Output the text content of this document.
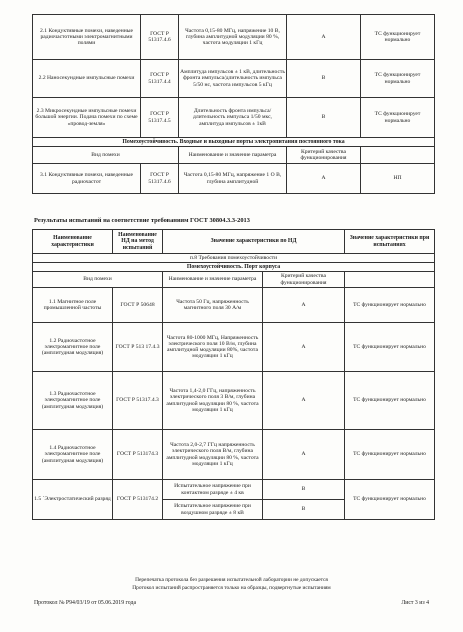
2.1 Кондуктивные помехи, наведенные радиочастотными электромагнитными полями	ГОСТ Р 51317.4.6	Частота 0,15-80 МГц, напряжение 10 В, глубина амплитудной модуляции 80 %, частота модуляции 1 кГц	А	ТС функционирует нормально
2.2 Наносекундные импульсные помехи	ГОСТ Р 51317.4.4	Амплитуда импульсов ± 1 кВ, длительность фронта импульса/длительность импульса 5/50 нс, частота импульсов 5 кГц	В	ТС функционирует нормально
2.3 Микросекундные импульсные помехи большой энергии. Подача помехи по схеме «провод-земля»	ГОСТ Р 51317.4.5	Длительность фронта импульса/длительность импульса 1/50 мкс, амплитуда импульсов ± 1кВ	В	ТС функционирует нормально
Помехоустойчивость. Входные и выходные порты электропитания постоянного тока				
Вид помехи		Наименование и значение параметра	Критерий качества функционирования	
3.1 Кондуктивные помехи, наведенные радиочастот	ГОСТ Р 51317.4.6	Частота 0,15-80 МГц, напряжение 1 О В, глубина амплитудной	А	НП
Результаты испытаний на соответствие требованиям ГОСТ 30804.3.3-2013
Наименование характеристики	Наименование НД на метод испытаний	Значение характеристики по НД		Значение характеристики при испытаниях
п.8 Требования помехоустойчивости				
Помехоустойчивость. Порт корпуса				
Вид помехи		Наименование и значение параметра	Критерий качества функционирования	
1.1 Магнитное поле промышленной частоты	ГОСТ Р 50648	Частота 50 Гц, напряженность магнитного поля 30 А/м	А	ТС функционирует нормально
1.2 Радиочастотное электромагнитное поле (амплитудная модуляция)	ГОСТ Р 513 17.4.3	Частота 80-1000 МГц, Напряженность электрического поля 10 В/м, глубина амплитудной модуляции 80%, частота модуляции 1 кГц	А	ТС функционирует нормально
1.3 Радиочастотное электромагнитное поле (амплитудная модуляция)	ГОСТ Р 51317.4.3	Частота 1,4-2,0 ГГц, напряженность электрического поля 3 В/м, глубина амплитудной модуляции 80 %, частота модуляции 1 кГц	А	ТС функционирует нормально
1.4 Радиочастотное электромагнитное поле (амплитудная модуляция)	ГОСТ Р 513174.3	Частота 2,0-2,7 ГГц напряженность электрического поля В/м, глубина амплитудной модуляции 80 %, частота модуляции 1 кГц	А	ТС функционирует нормально
1.5 `Электростатический разряд	ГОСТ Р 513174.2	Испытательное напряжение при контактном разряде ± 4 кв	В	ТС функционирует нормально
		Испытательное напряжение при воздушном разряде ± 8 кВ	В	
Перепечатка протокола без разрешения испытательной лаборатории не допускается
Протокол испытаний распространяется только на образцы, подвергнутые испытаниям
Протокол № Р94/03/19 от 05.06.2019 года	Лист 3 из 4
